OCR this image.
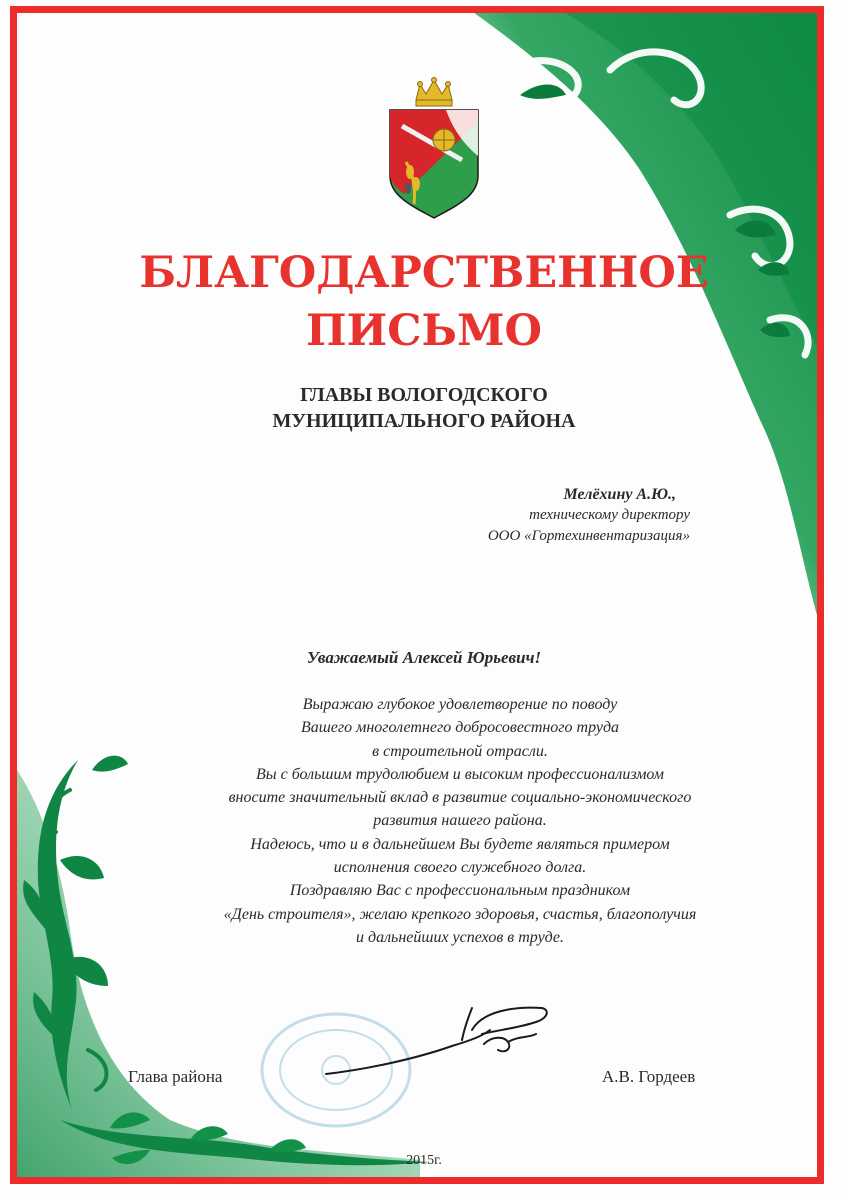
БЛАГОДАРСТВЕННОЕ
ПИСЬМО
ГЛАВЫ ВОЛОГОДСКОГО
МУНИЦИПАЛЬНОГО РАЙОНА
Мелёхину А.Ю.,
техническому директору
ООО «Гортехинвентаризация»
Уважаемый Алексей Юрьевич!
Выражаю глубокое удовлетворение по поводу
Вашего многолетнего добросовестного труда
в строительной отрасли.
Вы с большим трудолюбием и высоким профессионализмом
вносите значительный вклад в развитие социально-экономического
развития нашего района.
Надеюсь, что и в дальнейшем Вы будете являться примером
исполнения своего служебного долга.
Поздравляю Вас с профессиональным праздником
«День строителя», желаю крепкого здоровья, счастья, благополучия
и дальнейших успехов в труде.
Глава района	А.В. Гордеев
2015г.
